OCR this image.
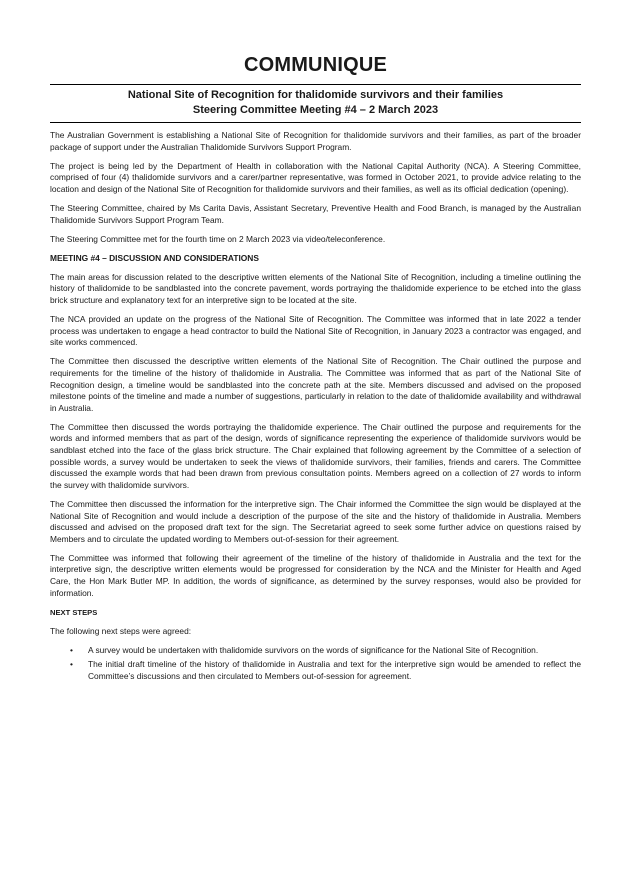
COMMUNIQUE
National Site of Recognition for thalidomide survivors and their families
Steering Committee Meeting #4 – 2 March 2023

The Australian Government is establishing a National Site of Recognition for thalidomide survivors and their families, as part of the broader package of support under the Australian Thalidomide Survivors Support Program.

The project is being led by the Department of Health in collaboration with the National Capital Authority (NCA). A Steering Committee, comprised of four (4) thalidomide survivors and a carer/partner representative, was formed in October 2021, to provide advice relating to the location and design of the National Site of Recognition for thalidomide survivors and their families, as well as its official dedication (opening).

The Steering Committee, chaired by Ms Carita Davis, Assistant Secretary, Preventive Health and Food Branch, is managed by the Australian Thalidomide Survivors Support Program Team.

The Steering Committee met for the fourth time on 2 March 2023 via video/teleconference.

MEETING #4 – DISCUSSION AND CONSIDERATIONS

The main areas for discussion related to the descriptive written elements of the National Site of Recognition, including a timeline outlining the history of thalidomide to be sandblasted into the concrete pavement, words portraying the thalidomide experience to be etched into the glass brick structure and explanatory text for an interpretive sign to be located at the site.

The NCA provided an update on the progress of the National Site of Recognition. The Committee was informed that in late 2022 a tender process was undertaken to engage a head contractor to build the National Site of Recognition, in January 2023 a contractor was engaged, and site works commenced.

The Committee then discussed the descriptive written elements of the National Site of Recognition. The Chair outlined the purpose and requirements for the timeline of the history of thalidomide in Australia. The Committee was informed that as part of the National Site of Recognition design, a timeline would be sandblasted into the concrete path at the site. Members discussed and advised on the proposed milestone points of the timeline and made a number of suggestions, particularly in relation to the date of thalidomide availability and withdrawal in Australia.

The Committee then discussed the words portraying the thalidomide experience. The Chair outlined the purpose and requirements for the words and informed members that as part of the design, words of significance representing the experience of thalidomide survivors would be sandblast etched into the face of the glass brick structure. The Chair explained that following agreement by the Committee of a selection of possible words, a survey would be undertaken to seek the views of thalidomide survivors, their families, friends and carers. The Committee discussed the example words that had been drawn from previous consultation points. Members agreed on a collection of 27 words to inform the survey with thalidomide survivors.

The Committee then discussed the information for the interpretive sign. The Chair informed the Committee the sign would be displayed at the National Site of Recognition and would include a description of the purpose of the site and the history of thalidomide in Australia. Members discussed and advised on the proposed draft text for the sign. The Secretariat agreed to seek some further advice on questions raised by Members and to circulate the updated wording to Members out-of-session for their agreement.

The Committee was informed that following their agreement of the timeline of the history of thalidomide in Australia and the text for the interpretive sign, the descriptive written elements would be progressed for consideration by the NCA and the Minister for Health and Aged Care, the Hon Mark Butler MP. In addition, the words of significance, as determined by the survey responses, would also be provided for information.

NEXT STEPS

The following next steps were agreed:

• A survey would be undertaken with thalidomide survivors on the words of significance for the National Site of Recognition.
• The initial draft timeline of the history of thalidomide in Australia and text for the interpretive sign would be amended to reflect the Committee’s discussions and then circulated to Members out-of-session for agreement.
